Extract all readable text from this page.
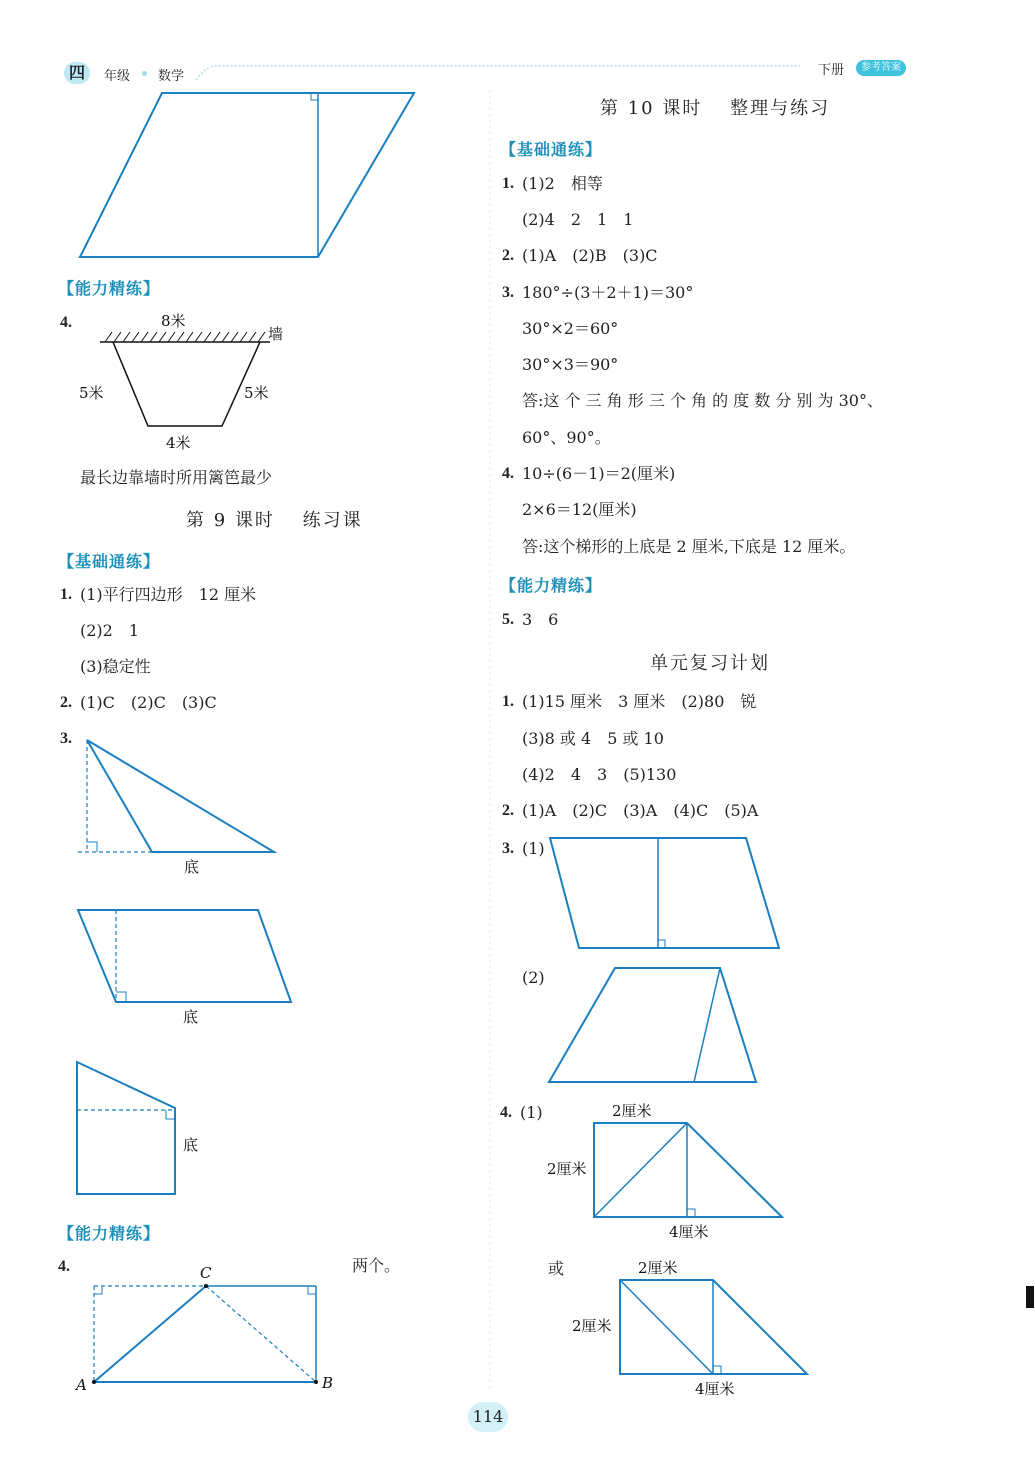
四	年级 数学	下册	参考答案
【能力精练】
4.	8米
墙
5米	5米
4米
最长边靠墙时所用篱笆最少
第 9 课时　 练习课
【基础通练】
1. (1)平行四边形　12 厘米
(2)2　1
(3)稳定性
2. (1)C　(2)C　(3)C
3.
底
底
底
【能力精练】
4.	两个。
A	B
C
第 10 课时　 整理与练习
【基础通练】
1. (1)2　相等
(2)4　2　1　1
2. (1)A　(2)B　(3)C
3. 180°÷(3＋2＋1)＝30°
30°×2＝60°
30°×3＝90°
答:这 个 三 角 形 三 个 角 的 度 数 分 别 为 30°、
60°、90°。
4. 10÷(6－1)＝2(厘米)
2×6＝12(厘米)
答:这个梯形的上底是 2 厘米,下底是 12 厘米。
【能力精练】
5. 3　6
单元复习计划
1. (1)15 厘米　3 厘米　(2)80　锐
(3)8 或 4　5 或 10
(4)2　4　3　(5)130
2. (1)A　(2)C　(3)A　(4)C　(5)A
3. (1)
(2)
4. (1)	2厘米
2厘米
4厘米
或	2厘米
2厘米
4厘米
114
